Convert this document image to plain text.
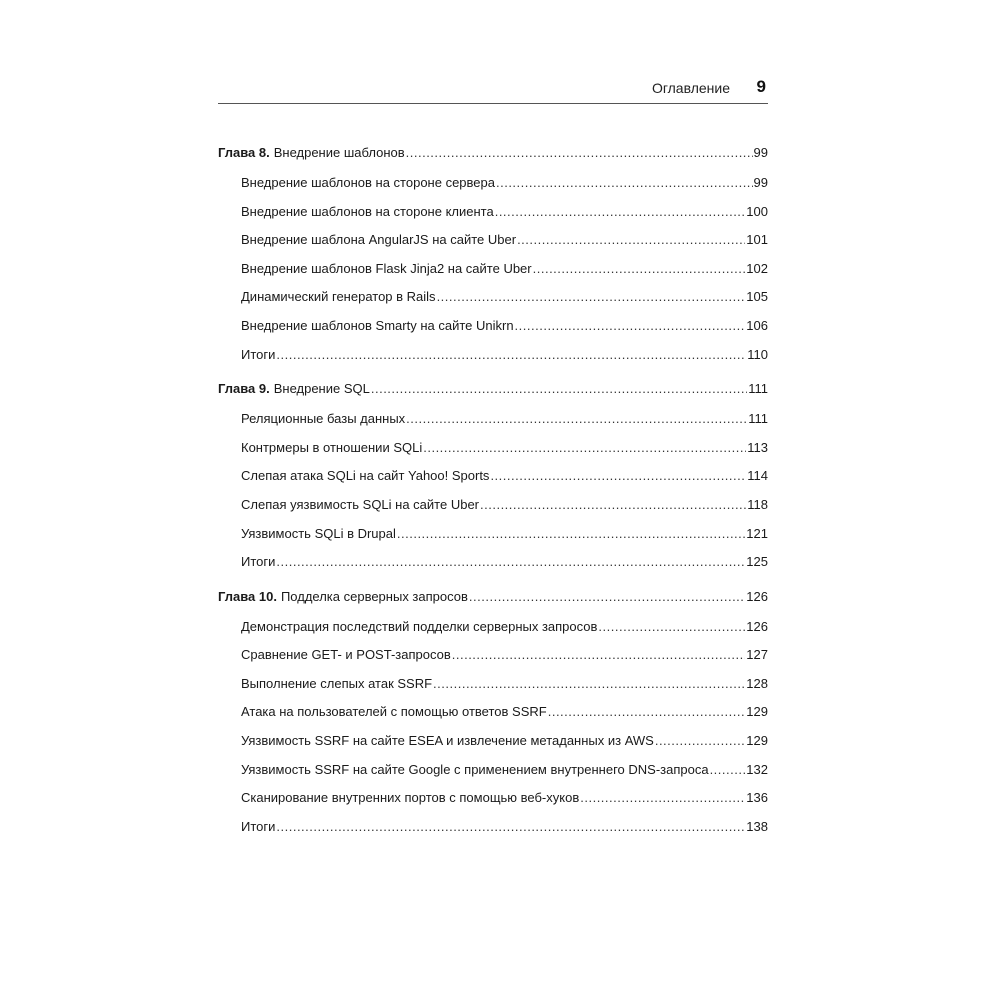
Оглавление 9
Глава 8. Внедрение шаблонов .....	99
Внедрение шаблонов на стороне сервера .....	99
Внедрение шаблонов на стороне клиента .....	100
Внедрение шаблона AngularJS на сайте Uber .....	101
Внедрение шаблонов Flask Jinja2 на сайте Uber .....	102
Динамический генератор в Rails .....	105
Внедрение шаблонов Smarty на сайте Unikrn .....	106
Итоги .....	110
Глава 9. Внедрение SQL .....	111
Реляционные базы данных .....	111
Контрмеры в отношении SQLi .....	113
Слепая атака SQLi на сайт Yahoo! Sports .....	114
Слепая уязвимость SQLi на сайте Uber .....	118
Уязвимость SQLi в Drupal .....	121
Итоги .....	125
Глава 10. Подделка серверных запросов .....	126
Демонстрация последствий подделки серверных запросов .....	126
Сравнение GET- и POST-запросов .....	127
Выполнение слепых атак SSRF .....	128
Атака на пользователей с помощью ответов SSRF .....	129
Уязвимость SSRF на сайте ESEA и извлечение метаданных из AWS .....	129
Уязвимость SSRF на сайте Google с применением внутреннего DNS-запроса .....	132
Сканирование внутренних портов с помощью веб-хуков .....	136
Итоги .....	138
